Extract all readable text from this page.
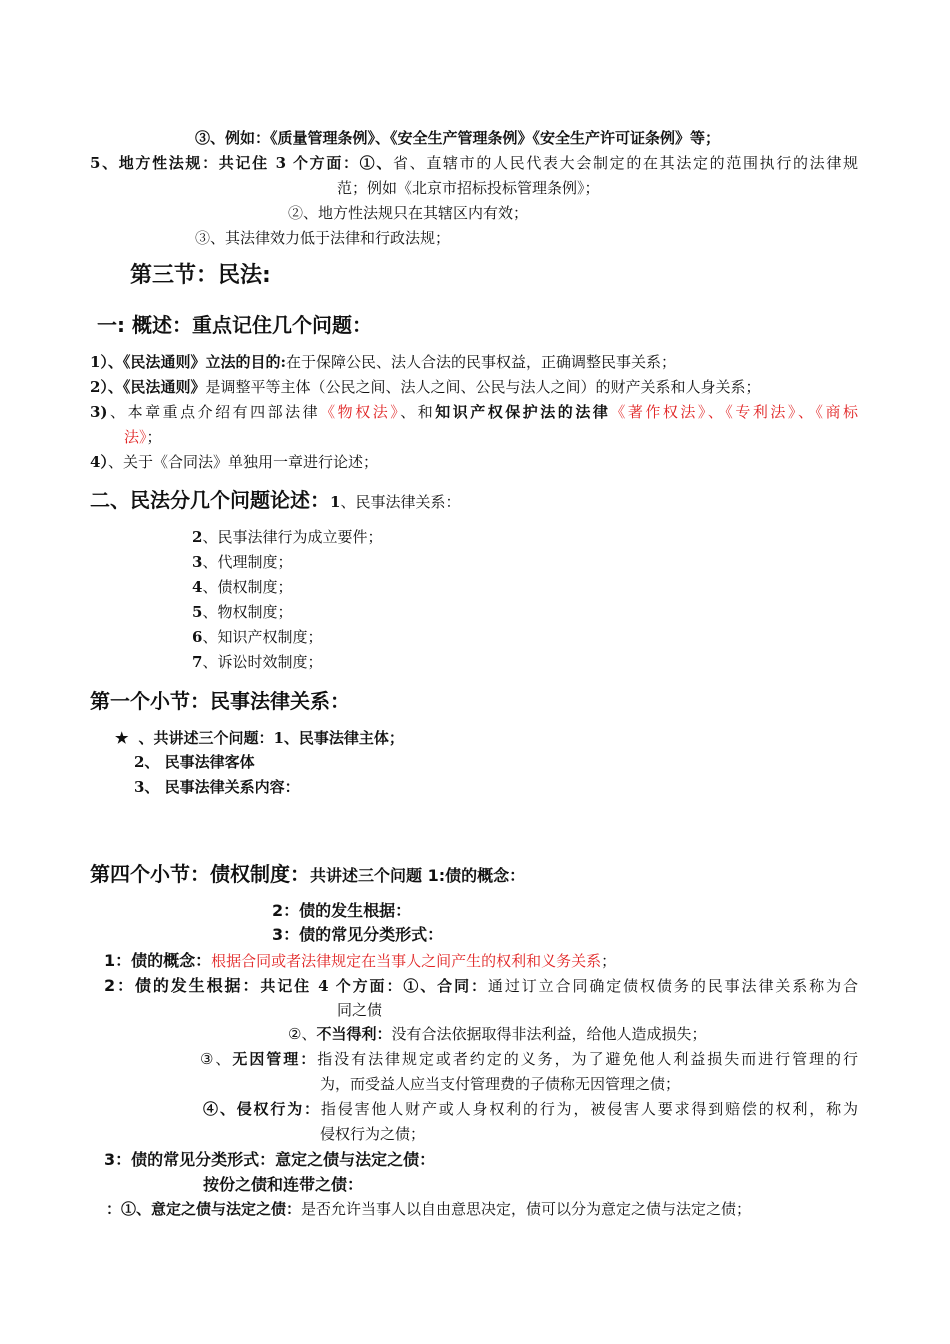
③、例如：《质量管理条例》、《安全生产管理条例》《安全生产许可证条例》等；
5、地方性法规：共记住 3 个方面：①、省、直辖市的人民代表大会制定的在其法定的范围执行的法律规
范；例如《北京市招标投标管理条例》；
②、地方性法规只在其辖区内有效；
③、其法律效力低于法律和行政法规；
第三节：民法:
一: 概述：重点记住几个问题：
1）、《民法通则》立法的目的:在于保障公民、法人合法的民事权益，正确调整民事关系；
2）、《民法通则》是调整平等主体（公民之间、法人之间、公民与法人之间）的财产关系和人身关系；
3)、本章重点介绍有四部法律《物权法》、和知识产权保护法的法律《著作权法》、《专利法》、《商标
法》；
4）、关于《合同法》单独用一章进行论述；
二、民法分几个问题论述：1、民事法律关系：
2、民事法律行为成立要件；
3、代理制度；
4、债权制度；
5、物权制度；
6、知识产权制度；
7、诉讼时效制度；
第一个小节：民事法律关系：
★ 、共讲述三个问题：1、民事法律主体；
2、 民事法律客体
3、 民事法律关系内容：
第四个小节：债权制度：共讲述三个问题 1:债的概念：
2：债的发生根据：
3：债的常见分类形式：
1：债的概念：根据合同或者法律规定在当事人之间产生的权利和义务关系；
2：债的发生根据：共记住 4 个方面：①、合同：通过订立合同确定债权债务的民事法律关系称为合
同之债
②、不当得利：没有合法依据取得非法利益，给他人造成损失；
③、无因管理：指没有法律规定或者约定的义务，为了避免他人利益损失而进行管理的行
为，而受益人应当支付管理费的子债称无因管理之债；
④、侵权行为：指侵害他人财产或人身权利的行为，被侵害人要求得到赔偿的权利，称为
侵权行为之债；
3：债的常见分类形式：意定之债与法定之债：
按份之债和连带之债：
：①、意定之债与法定之债：是否允许当事人以自由意思决定，债可以分为意定之债与法定之债；
